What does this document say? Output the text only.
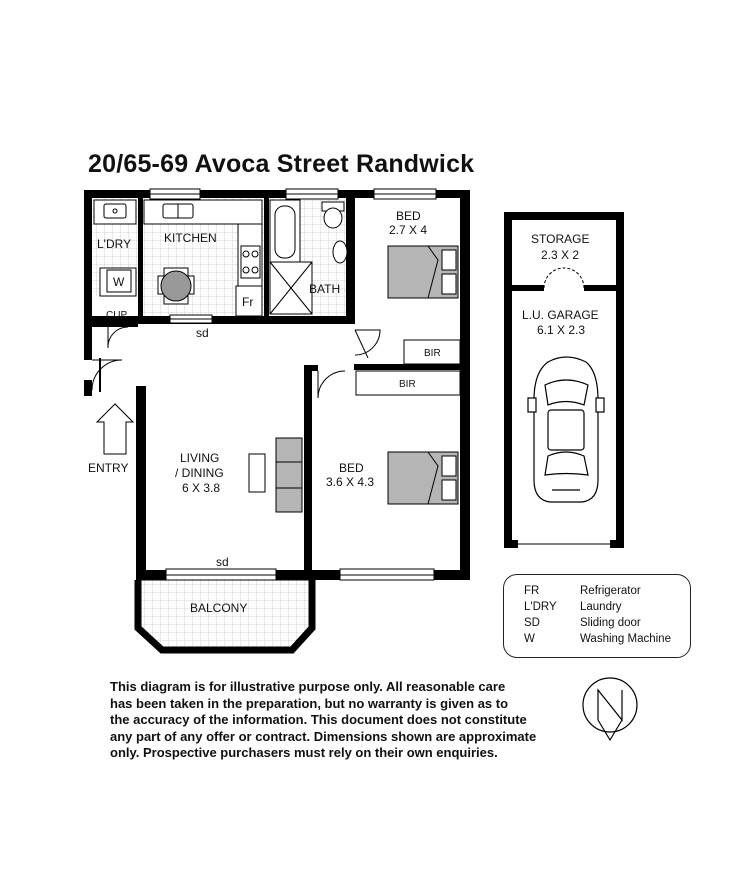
20/65-69 Avoca Street Randwick
L'DRY	KITCHEN
W
Fr
CUP
sd
BATH
BED
2.7 X 4
BIR
BIR
BED
3.6 X 4.3
LIVING
/ DINING
6 X 3.8
sd
BALCONY
ENTRY
STORAGE
2.3 X 2
L.U. GARAGE
6.1 X 2.3
FR	Refrigerator
L'DRY Laundry
SD	Sliding door
W	Washing Machine
This diagram is for illustrative purpose only. All reasonable care
has been taken in the preparation, but no warranty is given as to
the accuracy of the information. This document does not constitute
any part of any offer or contract. Dimensions shown are approximate
only. Prospective purchasers must rely on their own enquiries.
